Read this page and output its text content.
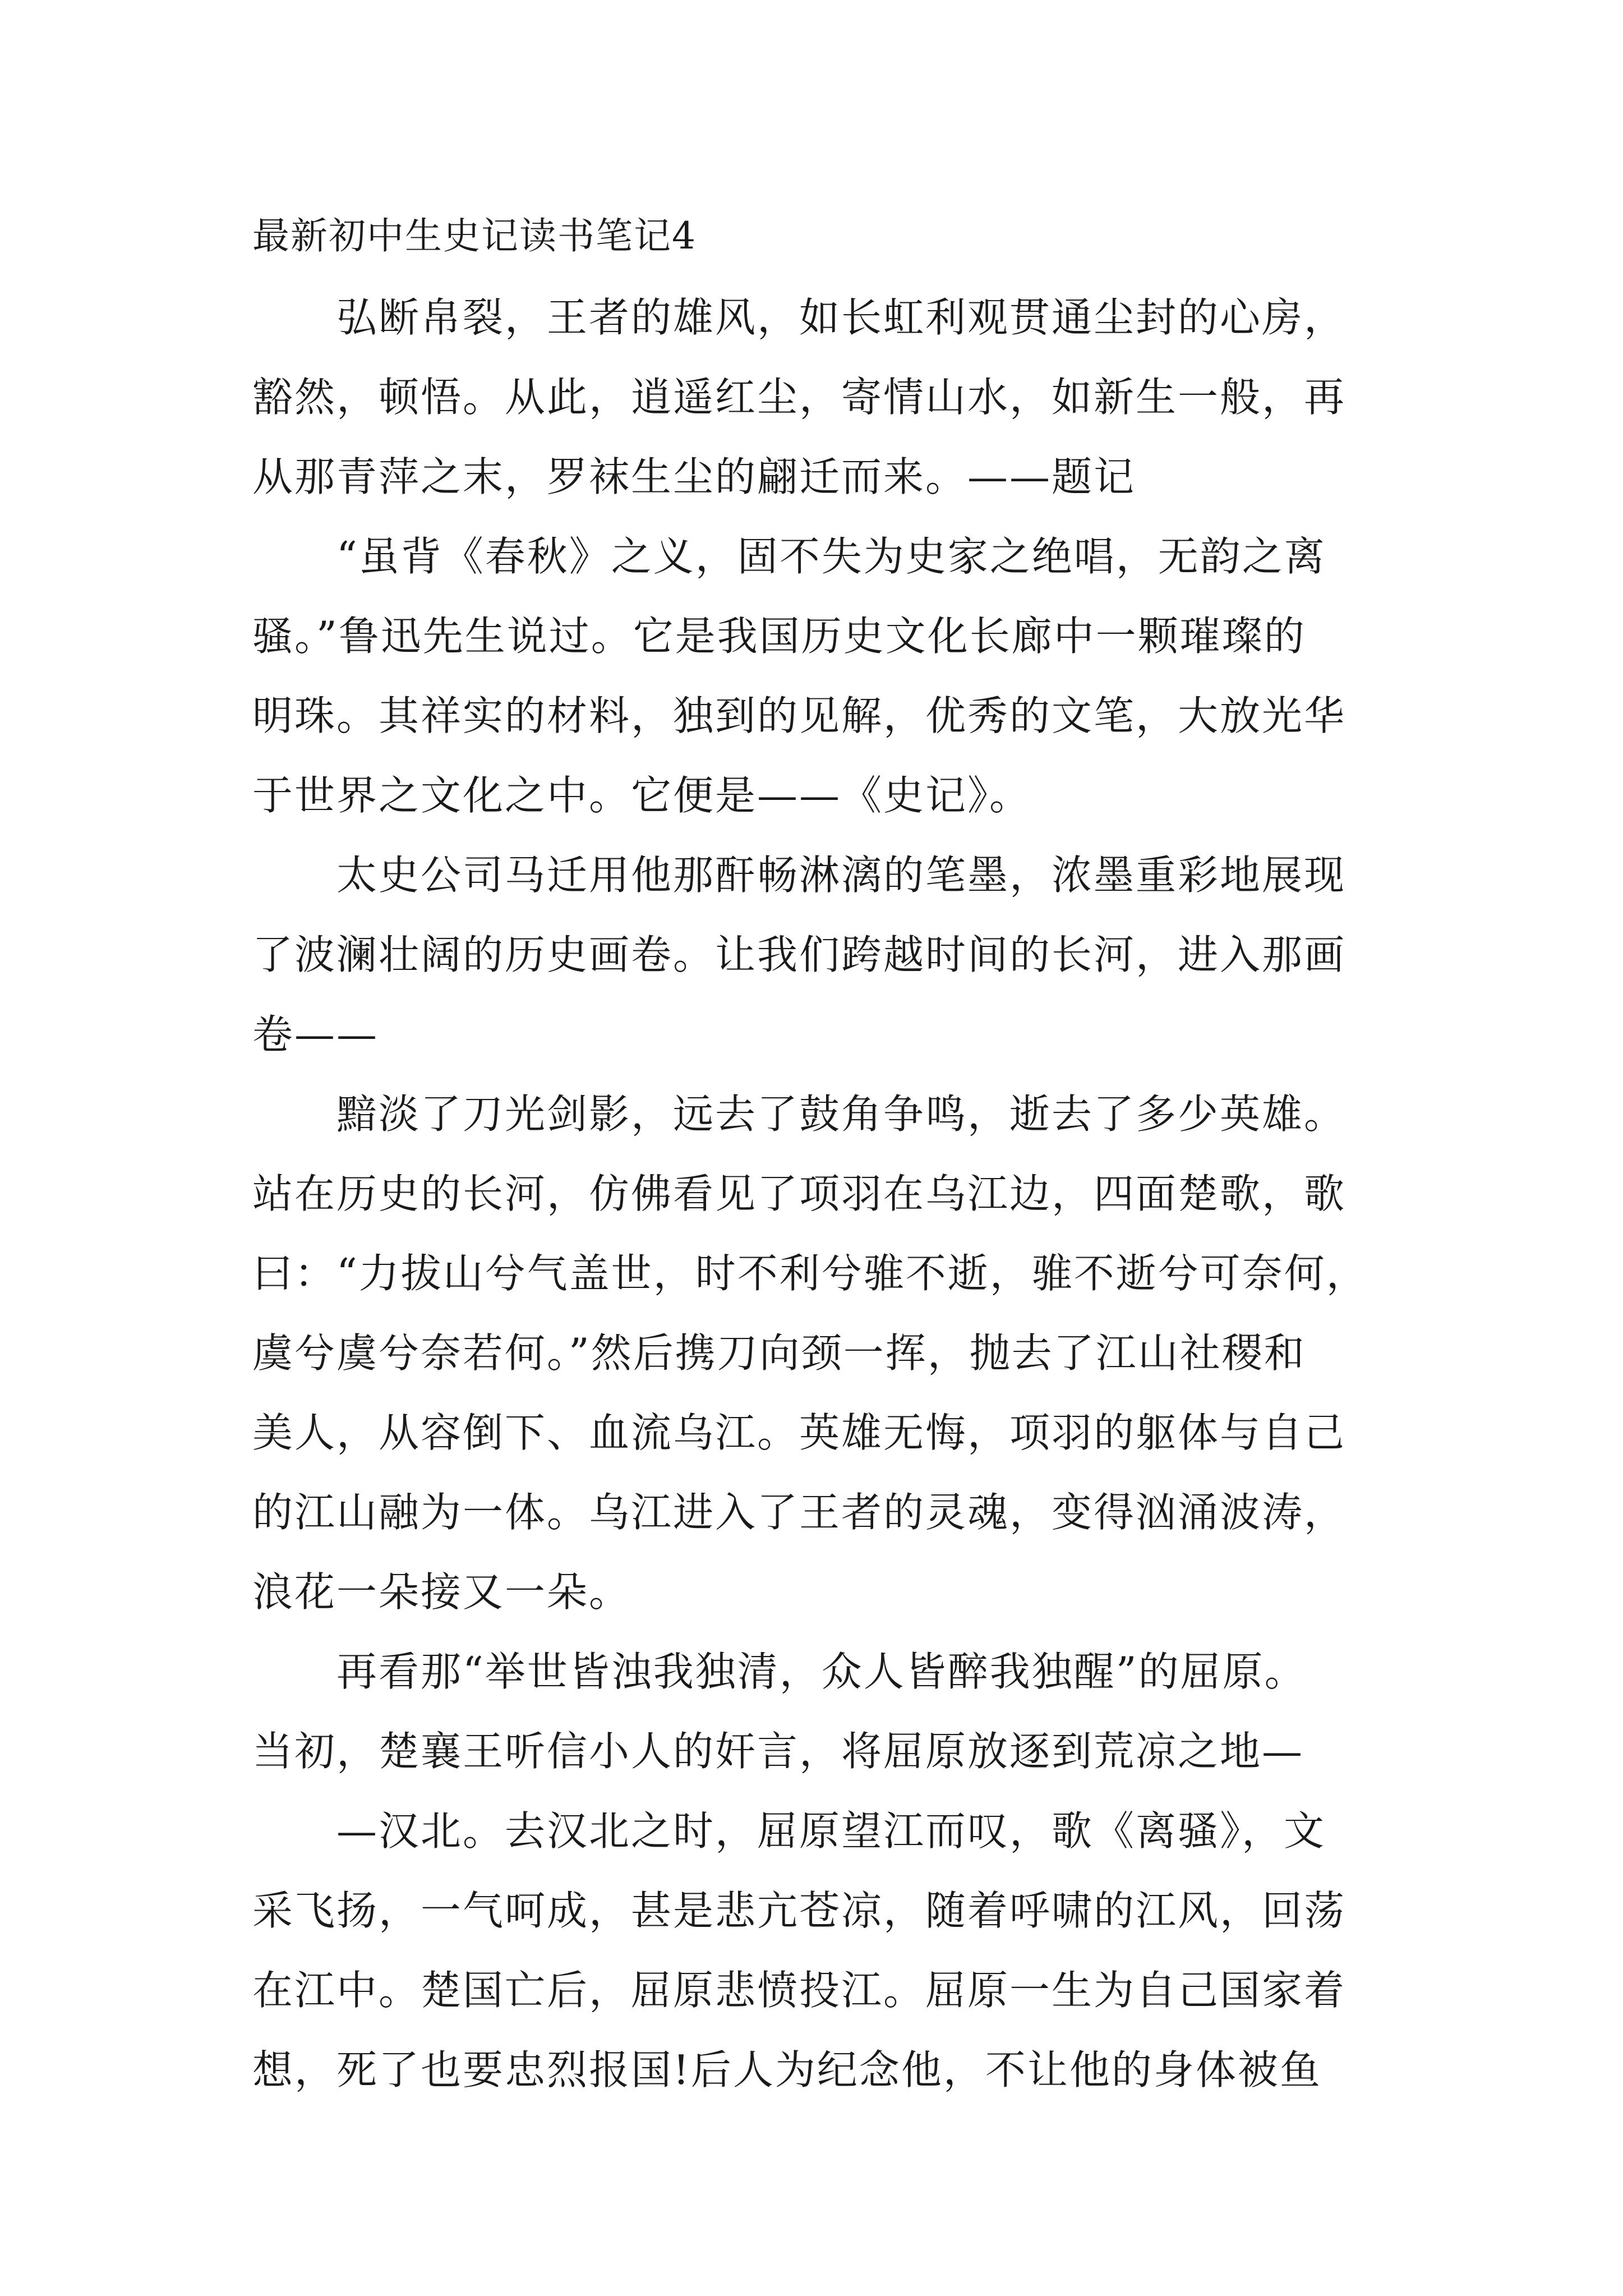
最新初中生史记读书笔记4

　　弘断帛裂，王者的雄风，如长虹利观贯通尘封的心房，

豁然，顿悟。从此，逍遥红尘，寄情山水，如新生一般，再

从那青萍之末，罗袜生尘的翩迁而来。——题记

　　“虽背《春秋》之义，固不失为史家之绝唱，无韵之离

骚。”鲁迅先生说过。它是我国历史文化长廊中一颗璀璨的

明珠。其祥实的材料，独到的见解，优秀的文笔，大放光华

于世界之文化之中。它便是——《史记》。

　　太史公司马迁用他那酐畅淋漓的笔墨，浓墨重彩地展现

了波澜壮阔的历史画卷。让我们跨越时间的长河，进入那画

卷——

　　黯淡了刀光剑影，远去了鼓角争鸣，逝去了多少英雄。

站在历史的长河，仿佛看见了项羽在乌江边，四面楚歌，歌

曰：“力拔山兮气盖世，时不利兮骓不逝，骓不逝兮可奈何，

虞兮虞兮奈若何。”然后携刀向颈一挥，抛去了江山社稷和

美人，从容倒下、血流乌江。英雄无悔，项羽的躯体与自己

的江山融为一体。乌江进入了王者的灵魂，变得汹涌波涛，

浪花一朵接又一朵。

　　再看那“举世皆浊我独清，众人皆醉我独醒”的屈原。

当初，楚襄王听信小人的奸言，将屈原放逐到荒凉之地—

　　—汉北。去汉北之时，屈原望江而叹，歌《离骚》，文

采飞扬，一气呵成，甚是悲亢苍凉，随着呼啸的江风，回荡

在江中。楚国亡后，屈原悲愤投江。屈原一生为自己国家着

想，死了也要忠烈报国!后人为纪念他，不让他的身体被鱼
